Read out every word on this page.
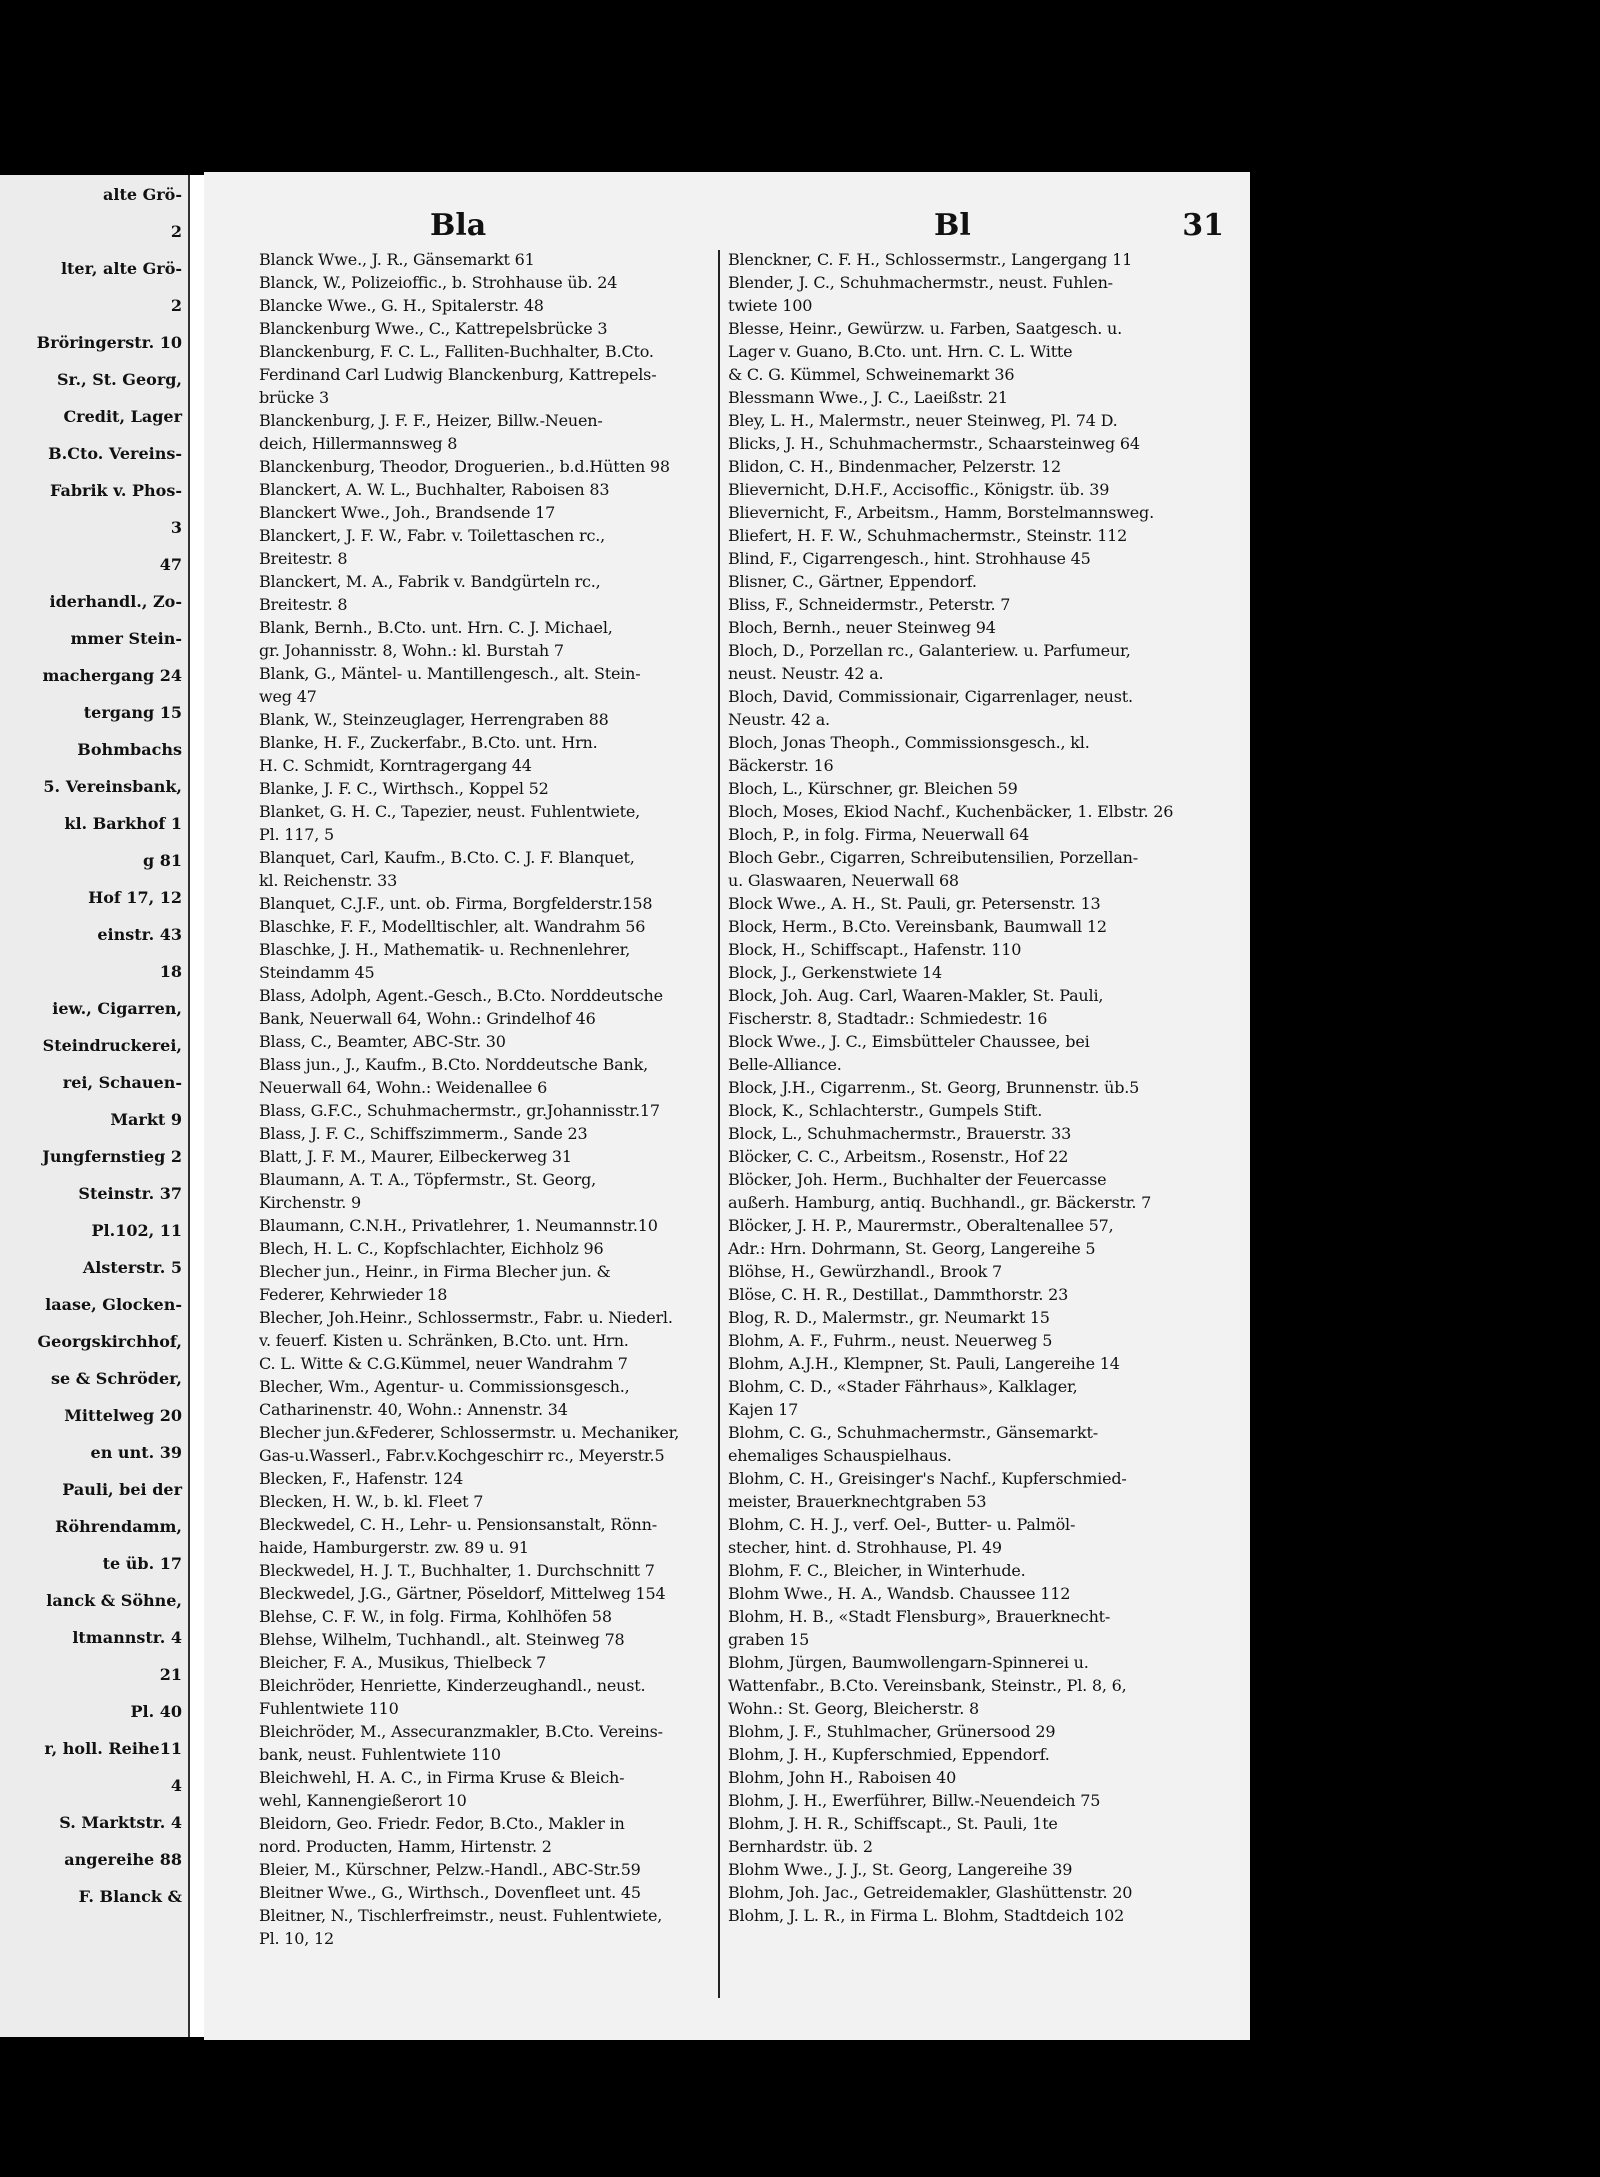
alte Grö-
2
lter, alte Grö-
2
Bröringerstr. 10
Sr., St. Georg,
Credit, Lager
B.Cto. Vereins-
Fabrik v. Phos-
3
47
iderhandl., Zo-
mmer Stein-
machergang 24
tergang 15
Bohmbachs
5. Vereinsbank,
kl. Barkhof 1
g 81
Hof 17, 12
einstr. 43
18
iew., Cigarren,
Steindruckerei,
rei, Schauen-
Markt 9
Jungfernstieg 2
Steinstr. 37
Pl.102, 11
Alsterstr. 5
laase, Glocken-
Georgskirchhof,
se & Schröder,
Mittelweg 20
en unt. 39
Pauli, bei der
Röhrendamm,
te üb. 17
lanck & Söhne,
ltmannstr. 4
21
Pl. 40
r, holl. Reihe11
4
S. Marktstr. 4
angereihe 88
F. Blanck &
Bla	Bl	31
Blanck Wwe., J. R., Gänsemarkt 61
Blanck, W., Polizeioffic., b. Strohhause üb. 24
Blancke Wwe., G. H., Spitalerstr. 48
Blanckenburg Wwe., C., Kattrepelsbrücke 3
Blanckenburg, F. C. L., Falliten-Buchhalter, B.Cto.
Ferdinand Carl Ludwig Blanckenburg, Kattrepels-
brücke 3
Blanckenburg, J. F. F., Heizer, Billw.-Neuen-
deich, Hillermannsweg 8
Blanckenburg, Theodor, Droguerien., b.d.Hütten 98
Blanckert, A. W. L., Buchhalter, Raboisen 83
Blanckert Wwe., Joh., Brandsende 17
Blanckert, J. F. W., Fabr. v. Toilettaschen rc.,
Breitestr. 8
Blanckert, M. A., Fabrik v. Bandgürteln rc.,
Breitestr. 8
Blank, Bernh., B.Cto. unt. Hrn. C. J. Michael,
gr. Johannisstr. 8, Wohn.: kl. Burstah 7
Blank, G., Mäntel- u. Mantillengesch., alt. Stein-
weg 47
Blank, W., Steinzeuglager, Herrengraben 88
Blanke, H. F., Zuckerfabr., B.Cto. unt. Hrn.
H. C. Schmidt, Korntragergang 44
Blanke, J. F. C., Wirthsch., Koppel 52
Blanket, G. H. C., Tapezier, neust. Fuhlentwiete,
Pl. 117, 5
Blanquet, Carl, Kaufm., B.Cto. C. J. F. Blanquet,
kl. Reichenstr. 33
Blanquet, C.J.F., unt. ob. Firma, Borgfelderstr.158
Blaschke, F. F., Modelltischler, alt. Wandrahm 56
Blaschke, J. H., Mathematik- u. Rechnenlehrer,
Steindamm 45
Blass, Adolph, Agent.-Gesch., B.Cto. Norddeutsche
Bank, Neuerwall 64, Wohn.: Grindelhof 46
Blass, C., Beamter, ABC-Str. 30
Blass jun., J., Kaufm., B.Cto. Norddeutsche Bank,
Neuerwall 64, Wohn.: Weidenallee 6
Blass, G.F.C., Schuhmachermstr., gr.Johannisstr.17
Blass, J. F. C., Schiffszimmerm., Sande 23
Blatt, J. F. M., Maurer, Eilbeckerweg 31
Blaumann, A. T. A., Töpfermstr., St. Georg,
Kirchenstr. 9
Blaumann, C.N.H., Privatlehrer, 1. Neumannstr.10
Blech, H. L. C., Kopfschlachter, Eichholz 96
Blecher jun., Heinr., in Firma Blecher jun. &
Federer, Kehrwieder 18
Blecher, Joh.Heinr., Schlossermstr., Fabr. u. Niederl.
v. feuerf. Kisten u. Schränken, B.Cto. unt. Hrn.
C. L. Witte & C.G.Kümmel, neuer Wandrahm 7
Blecher, Wm., Agentur- u. Commissionsgesch.,
Catharinenstr. 40, Wohn.: Annenstr. 34
Blecher jun.&Federer, Schlossermstr. u. Mechaniker,
Gas-u.Wasserl., Fabr.v.Kochgeschirr rc., Meyerstr.5
Blecken, F., Hafenstr. 124
Blecken, H. W., b. kl. Fleet 7
Bleckwedel, C. H., Lehr- u. Pensionsanstalt, Rönn-
haide, Hamburgerstr. zw. 89 u. 91
Bleckwedel, H. J. T., Buchhalter, 1. Durchschnitt 7
Bleckwedel, J.G., Gärtner, Pöseldorf, Mittelweg 154
Blehse, C. F. W., in folg. Firma, Kohlhöfen 58
Blehse, Wilhelm, Tuchhandl., alt. Steinweg 78
Bleicher, F. A., Musikus, Thielbeck 7
Bleichröder, Henriette, Kinderzeughandl., neust.
Fuhlentwiete 110
Bleichröder, M., Assecuranzmakler, B.Cto. Vereins-
bank, neust. Fuhlentwiete 110
Bleichwehl, H. A. C., in Firma Kruse & Bleich-
wehl, Kannengießerort 10
Bleidorn, Geo. Friedr. Fedor, B.Cto., Makler in
nord. Producten, Hamm, Hirtenstr. 2
Bleier, M., Kürschner, Pelzw.-Handl., ABC-Str.59
Bleitner Wwe., G., Wirthsch., Dovenfleet unt. 45
Bleitner, N., Tischlerfreimstr., neust. Fuhlentwiete,
Pl. 10, 12
Blenckner, C. F. H., Schlossermstr., Langergang 11
Blender, J. C., Schuhmachermstr., neust. Fuhlen-
twiete 100
Blesse, Heinr., Gewürzw. u. Farben, Saatgesch. u.
Lager v. Guano, B.Cto. unt. Hrn. C. L. Witte
& C. G. Kümmel, Schweinemarkt 36
Blessmann Wwe., J. C., Laeißstr. 21
Bley, L. H., Malermstr., neuer Steinweg, Pl. 74 D.
Blicks, J. H., Schuhmachermstr., Schaarsteinweg 64
Blidon, C. H., Bindenmacher, Pelzerstr. 12
Blievernicht, D.H.F., Accisoffic., Königstr. üb. 39
Blievernicht, F., Arbeitsm., Hamm, Borstelmannsweg.
Bliefert, H. F. W., Schuhmachermstr., Steinstr. 112
Blind, F., Cigarrengesch., hint. Strohhause 45
Blisner, C., Gärtner, Eppendorf.
Bliss, F., Schneidermstr., Peterstr. 7
Bloch, Bernh., neuer Steinweg 94
Bloch, D., Porzellan rc., Galanteriew. u. Parfumeur,
neust. Neustr. 42 a.
Bloch, David, Commissionair, Cigarrenlager, neust.
Neustr. 42 a.
Bloch, Jonas Theoph., Commissionsgesch., kl.
Bäckerstr. 16
Bloch, L., Kürschner, gr. Bleichen 59
Bloch, Moses, Ekiod Nachf., Kuchenbäcker, 1. Elbstr. 26
Bloch, P., in folg. Firma, Neuerwall 64
Bloch Gebr., Cigarren, Schreibutensilien, Porzellan-
u. Glaswaaren, Neuerwall 68
Block Wwe., A. H., St. Pauli, gr. Petersenstr. 13
Block, Herm., B.Cto. Vereinsbank, Baumwall 12
Block, H., Schiffscapt., Hafenstr. 110
Block, J., Gerkenstwiete 14
Block, Joh. Aug. Carl, Waaren-Makler, St. Pauli,
Fischerstr. 8, Stadtadr.: Schmiedestr. 16
Block Wwe., J. C., Eimsbütteler Chaussee, bei
Belle-Alliance.
Block, J.H., Cigarrenm., St. Georg, Brunnenstr. üb.5
Block, K., Schlachterstr., Gumpels Stift.
Block, L., Schuhmachermstr., Brauerstr. 33
Blöcker, C. C., Arbeitsm., Rosenstr., Hof 22
Blöcker, Joh. Herm., Buchhalter der Feuercasse
außerh. Hamburg, antiq. Buchhandl., gr. Bäckerstr. 7
Blöcker, J. H. P., Maurermstr., Oberaltenallee 57,
Adr.: Hrn. Dohrmann, St. Georg, Langereihe 5
Blöhse, H., Gewürzhandl., Brook 7
Blöse, C. H. R., Destillat., Dammthorstr. 23
Blog, R. D., Malermstr., gr. Neumarkt 15
Blohm, A. F., Fuhrm., neust. Neuerweg 5
Blohm, A.J.H., Klempner, St. Pauli, Langereihe 14
Blohm, C. D., «Stader Fährhaus», Kalklager,
Kajen 17
Blohm, C. G., Schuhmachermstr., Gänsemarkt-
ehemaliges Schauspielhaus.
Blohm, C. H., Greisinger's Nachf., Kupferschmied-
meister, Brauerknechtgraben 53
Blohm, C. H. J., verf. Oel-, Butter- u. Palmöl-
stecher, hint. d. Strohhause, Pl. 49
Blohm, F. C., Bleicher, in Winterhude.
Blohm Wwe., H. A., Wandsb. Chaussee 112
Blohm, H. B., «Stadt Flensburg», Brauerknecht-
graben 15
Blohm, Jürgen, Baumwollengarn-Spinnerei u.
Wattenfabr., B.Cto. Vereinsbank, Steinstr., Pl. 8, 6,
Wohn.: St. Georg, Bleicherstr. 8
Blohm, J. F., Stuhlmacher, Grünersood 29
Blohm, J. H., Kupferschmied, Eppendorf.
Blohm, John H., Raboisen 40
Blohm, J. H., Ewerführer, Billw.-Neuendeich 75
Blohm, J. H. R., Schiffscapt., St. Pauli, 1te
Bernhardstr. üb. 2
Blohm Wwe., J. J., St. Georg, Langereihe 39
Blohm, Joh. Jac., Getreidemakler, Glashüttenstr. 20
Blohm, J. L. R., in Firma L. Blohm, Stadtdeich 102
